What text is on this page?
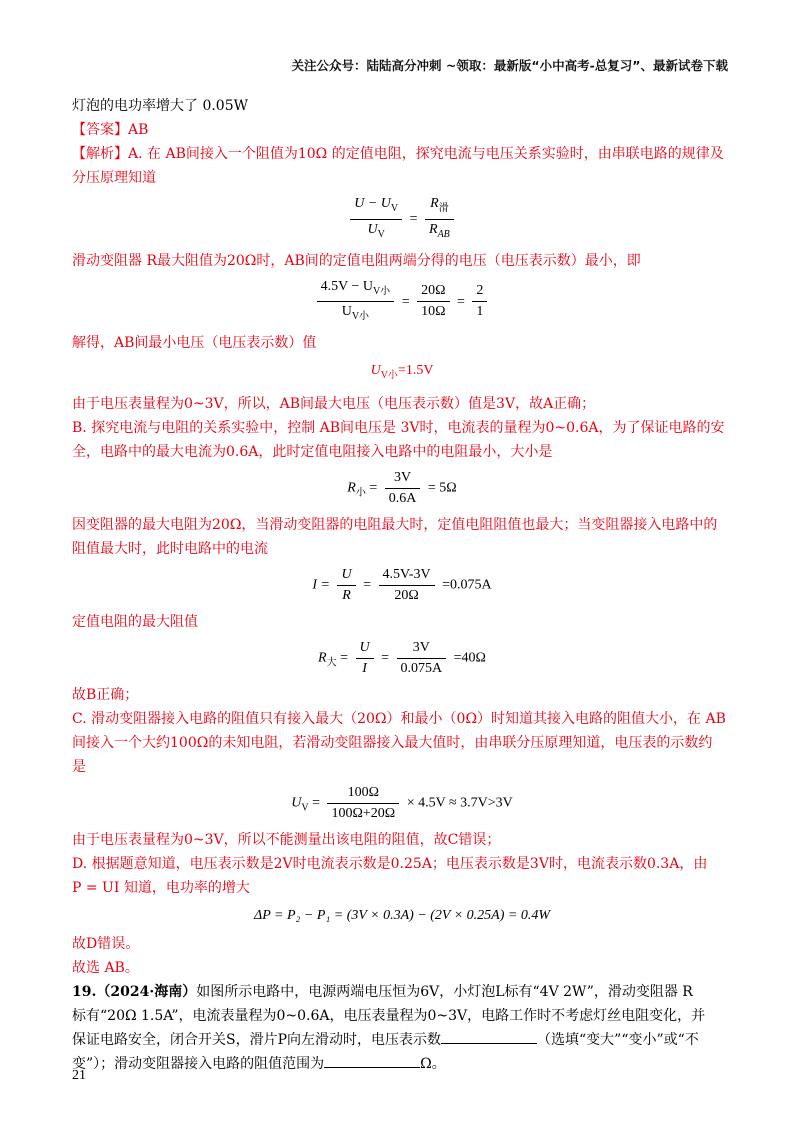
关注公众号：陆陆高分冲刺 ~领取：最新版“小中高考-总复习”、最新试卷下载

灯泡的电功率增大了 0.05W

【答案】AB

【解析】A. 在 AB间接入一个阻值为10Ω 的定值电阻，探究电流与电压关系实验时，由串联电路的规律及

分压原理知道

$\frac{U - U_V}{U_V} = \frac{R_滑}{R_{AB}}$

滑动变阻器 R最大阻值为20Ω时，AB间的定值电阻两端分得的电压（电压表示数）最小，即

$\frac{4.5V - U_{V小}}{U_{V小}} = \frac{20\Omega}{10\Omega} = \frac{2}{1}$

解得，AB间最小电压（电压表示数）值

$U_{V小}=1.5V$

由于电压表量程为0~3V，所以，AB间最大电压（电压表示数）值是3V，故A正确；

B. 探究电流与电阻的关系实验中，控制 AB间电压是 3V时，电流表的量程为0~0.6A，为了保证电路的安

全，电路中的最大电流为0.6A，此时定值电阻接入电路中的电阻最小，大小是

$R_小 = \frac{3V}{0.6A} = 5\Omega$

因变阻器的最大电阻为20Ω，当滑动变阻器的电阻最大时，定值电阻阻值也最大；当变阻器接入电路中的

阻值最大时，此时电路中的电流

$I = \frac{U}{R} = \frac{4.5V-3V}{20\Omega} =0.075A$

定值电阻的最大阻值

$R_大 = \frac{U}{I} = \frac{3V}{0.075A} =40\Omega$

故B正确；

C. 滑动变阻器接入电路的阻值只有接入最大（20Ω）和最小（0Ω）时知道其接入电路的阻值大小，在 AB

间接入一个大约100Ω的未知电阻，若滑动变阻器接入最大值时，由串联分压原理知道，电压表的示数约

是

$U_V = \frac{100\Omega}{100\Omega+20\Omega} \times 4.5V \approx 3.7V>3V$

由于电压表量程为0~3V，所以不能测量出该电阻的阻值，故C错误；

D. 根据题意知道，电压表示数是2V时电流表示数是0.25A；电压表示数是3V时，电流表示数0.3A，由

P = UI 知道，电功率的增大

ΔP = P₂ − P₁ = (3V × 0.3A) − (2V × 0.25A) = 0.4W

故D错误。

故选 AB。

19.（2024·海南）如图所示电路中，电源两端电压恒为6V，小灯泡L标有“4V 2W”，滑动变阻器 R

标有“20Ω 1.5A”，电流表量程为0~0.6A，电压表量程为0~3V，电路工作时不考虑灯丝电阻变化，并

保证电路安全，闭合开关S，滑片P向左滑动时，电压表示数	（选填“变大”“变小”或“不

变”）；滑动变阻器接入电路的阻值范围为	Ω。

21
